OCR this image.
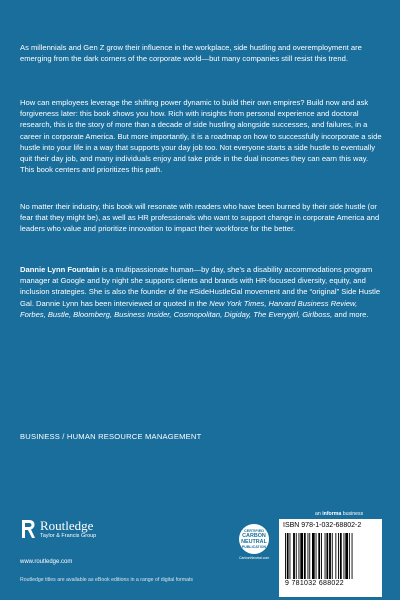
As millennials and Gen Z grow their influence in the workplace, side hustling and overemployment are emerging from the dark corners of the corporate world—but many companies still resist this trend.

How can employees leverage the shifting power dynamic to build their own empires? Build now and ask forgiveness later: this book shows you how. Rich with insights from personal experience and doctoral research, this is the story of more than a decade of side hustling alongside successes, and failures, in a career in corporate America. But more importantly, it is a roadmap on how to successfully incorporate a side hustle into your life in a way that supports your day job too. Not everyone starts a side hustle to eventually quit their day job, and many individuals enjoy and take pride in the dual incomes they can earn this way. This book centers and prioritizes this path.

No matter their industry, this book will resonate with readers who have been burned by their side hustle (or fear that they might be), as well as HR professionals who want to support change in corporate America and leaders who value and prioritize innovation to impact their workforce for the better.

Dannie Lynn Fountain is a multipassionate human—by day, she's a disability accommodations program manager at Google and by night she supports clients and brands with HR-focused diversity, equity, and inclusion strategies. She is also the founder of the #SideHustleGal movement and the “original” Side Hustle Gal. Dannie Lynn has been interviewed or quoted in the New York Times, Harvard Business Review, Forbes, Bustle, Bloomberg, Business Insider, Cosmopolitan, Digiday, The Everygirl, Girlboss, and more.

BUSINESS / HUMAN RESOURCE MANAGEMENT
Routledge
Taylor & Francis Group
www.routledge.com
Routledge titles are available as eBook editions in a range of digital formats
CERTIFIED
CARBON NEUTRAL
PUBLICATION
CarbonNeutral.com
an informa business
ISBN 978-1-032-68802-2
9 781032 688022
